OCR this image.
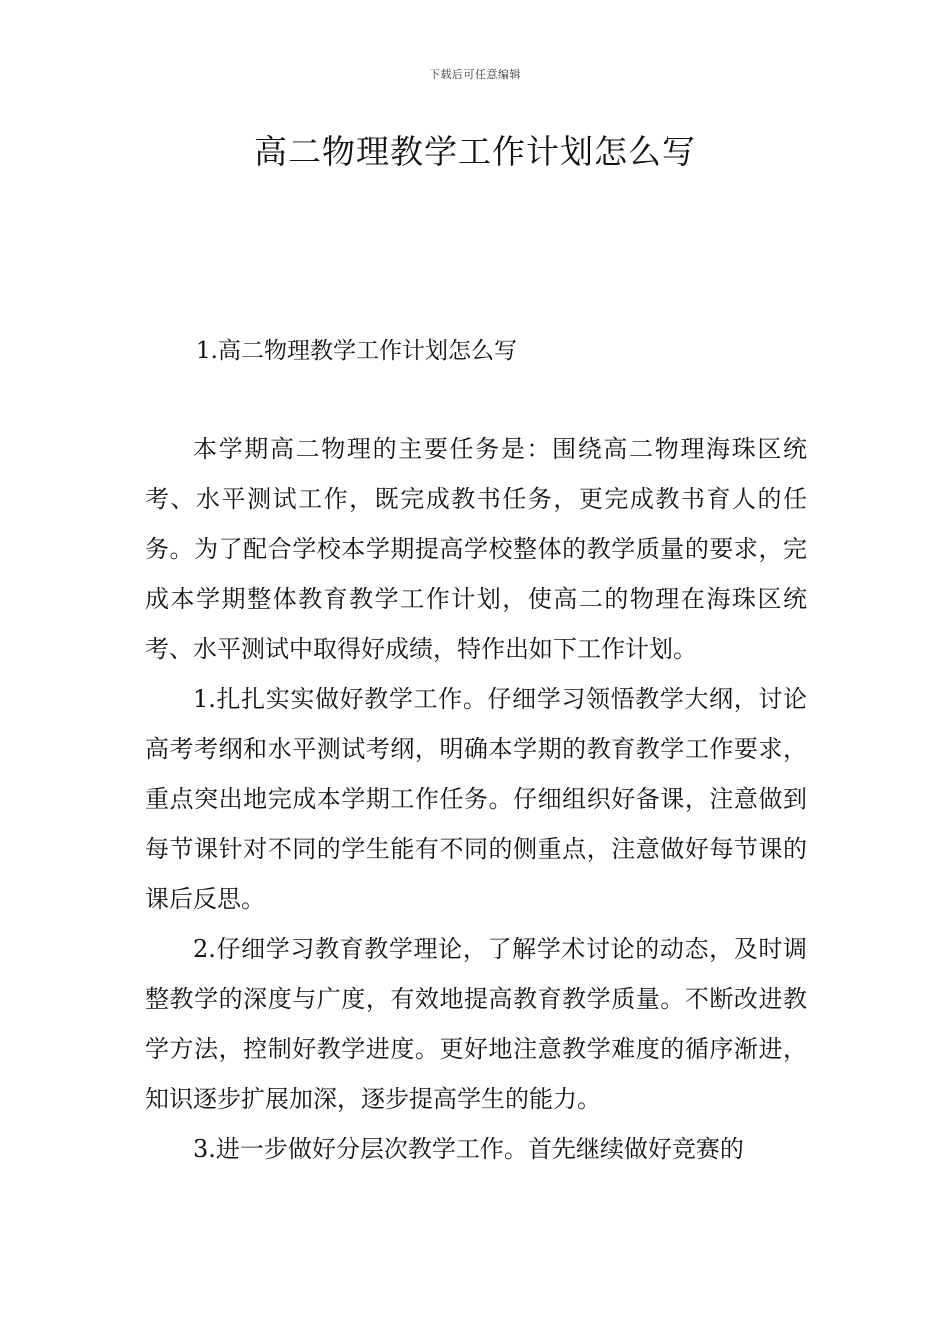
下载后可任意编辑
高二物理教学工作计划怎么写
1.高二物理教学工作计划怎么写

本学期高二物理的主要任务是：围绕高二物理海珠区统考、水平测试工作，既完成教书任务，更完成教书育人的任务。为了配合学校本学期提高学校整体的教学质量的要求，完成本学期整体教育教学工作计划，使高二的物理在海珠区统考、水平测试中取得好成绩，特作出如下工作计划。

1.扎扎实实做好教学工作。仔细学习领悟教学大纲，讨论高考考纲和水平测试考纲，明确本学期的教育教学工作要求，重点突出地完成本学期工作任务。仔细组织好备课，注意做到每节课针对不同的学生能有不同的侧重点，注意做好每节课的课后反思。

2.仔细学习教育教学理论，了解学术讨论的动态，及时调整教学的深度与广度，有效地提高教育教学质量。不断改进教学方法，控制好教学进度。更好地注意教学难度的循序渐进，知识逐步扩展加深，逐步提高学生的能力。

3.进一步做好分层次教学工作。首先继续做好竞赛的
